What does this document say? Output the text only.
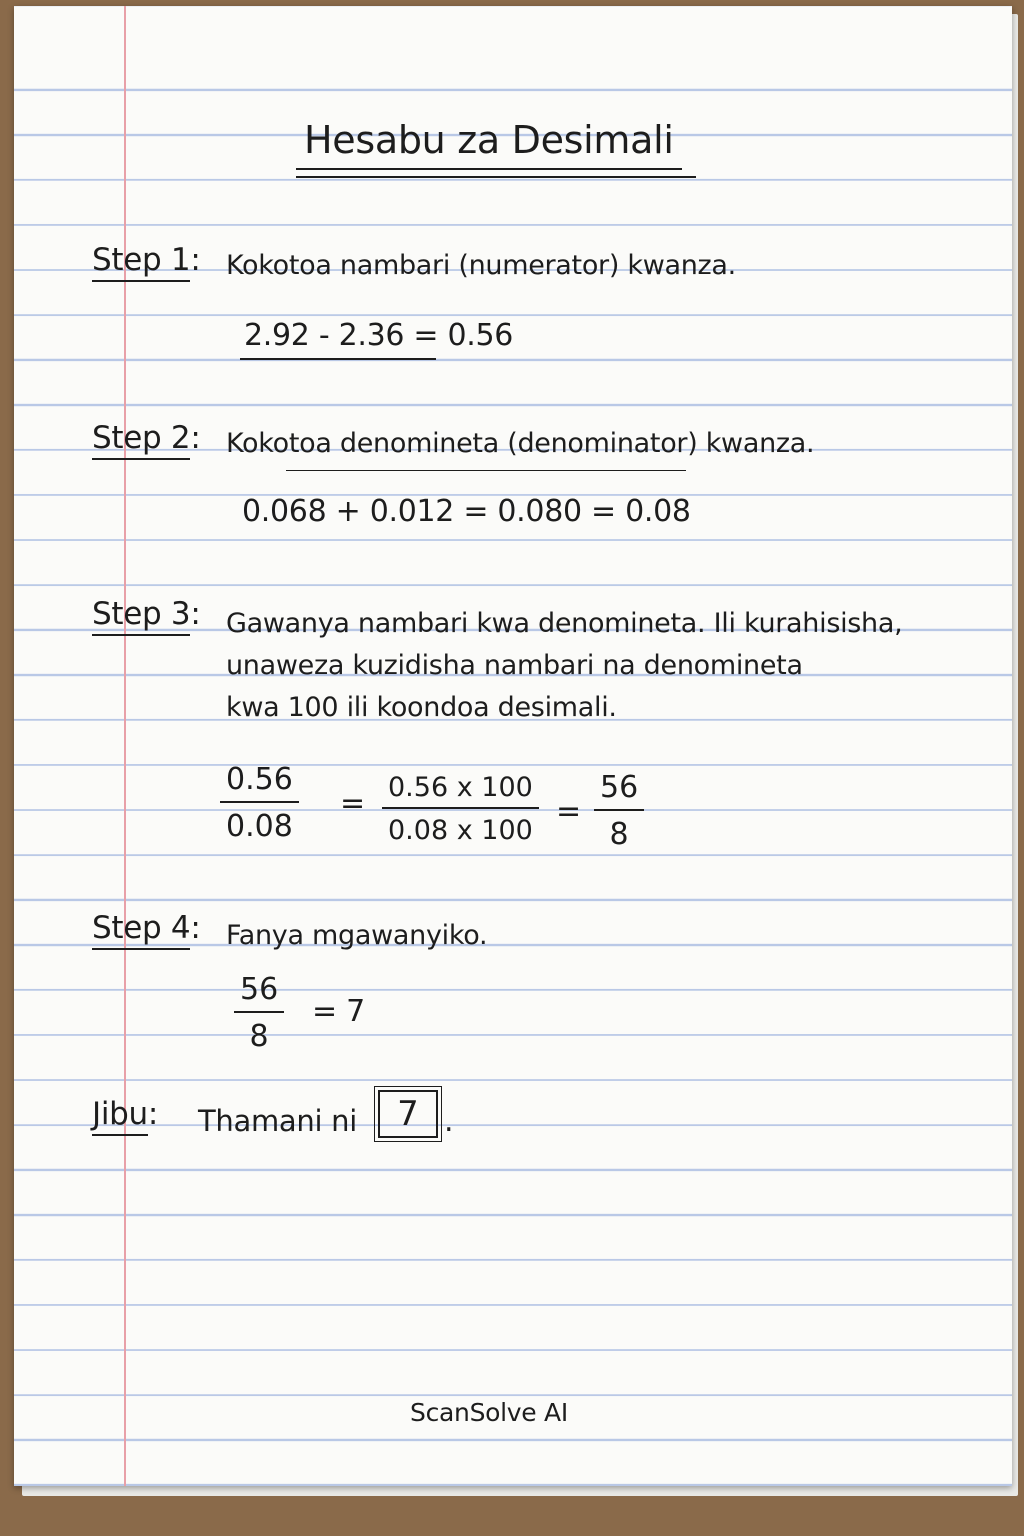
Hesabu za Desimali
Step 1: Kokotoa nambari (numerator) kwanza.
2.92 - 2.36 = 0.56
Step 2: Kokotoa denomineta (denominator) kwanza.
0.068 + 0.012 = 0.080 = 0.08
Step 3: Gawanya nambari kwa denomineta. Ili kurahisisha,
unaweza kuzidisha nambari na denomineta
kwa 100 ili koondoa desimali.
$\frac{0.56}{0.08} = \frac{0.56 x 100}{0.08 x 100} = \frac{56}{8}$
Step 4: Fanya mgawanyiko.
$\frac{56}{8} = 7$
Jibu: Thamani ni 7 .
ScanSolve AI
